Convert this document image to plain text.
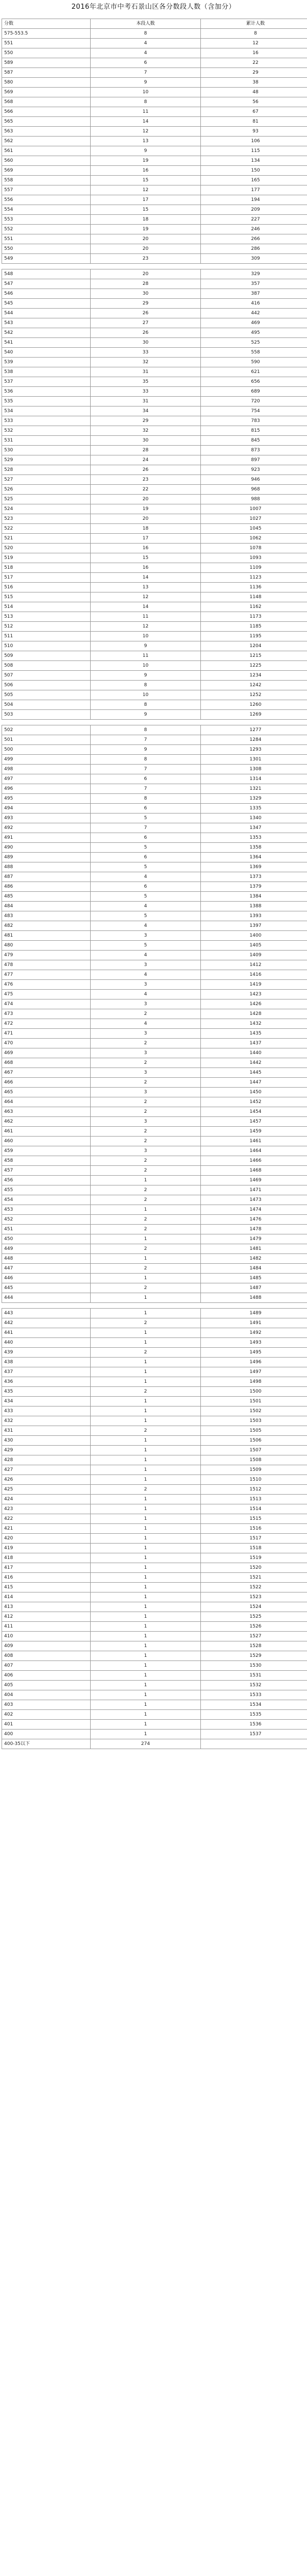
2016年北京市中考石景山区各分数段人数（含加分）
分数	本段人数	累计人数
575-553.5	8	8
551	4	12
550	4	16
589	6	22
587	7	29
580	9	38
569	10	48
568	8	56
566	11	67
565	14	81
563	12	93
562	13	106
561	9	115
560	19	134
569	16	150
558	15	165
557	12	177
556	17	194
554	15	209
553	18	227
552	19	246
551	20	266
550	20	286
549	23	309

548	20	329
547	28	357
546	30	387
545	29	416
544	26	442
543	27	469
542	26	495
541	30	525
540	33	558
539	32	590
538	31	621
537	35	656
536	33	689
535	31	720
534	34	754
533	29	783
532	32	815
531	30	845
530	28	873
529	24	897
528	26	923
527	23	946
526	22	968
525	20	988
524	19	1007
523	20	1027
522	18	1045
521	17	1062
520	16	1078
519	15	1093
518	16	1109
517	14	1123
516	13	1136
515	12	1148
514	14	1162
513	11	1173
512	12	1185
511	10	1195
510	9	1204
509	11	1215
508	10	1225
507	9	1234
506	8	1242
505	10	1252
504	8	1260
503	9	1269

502	8	1277
501	7	1284
500	9	1293
499	8	1301
498	7	1308
497	6	1314
496	7	1321
495	8	1329
494	6	1335
493	5	1340
492	7	1347
491	6	1353
490	5	1358
489	6	1364
488	5	1369
487	4	1373
486	6	1379
485	5	1384
484	4	1388
483	5	1393
482	4	1397
481	3	1400
480	5	1405
479	4	1409
478	3	1412
477	4	1416
476	3	1419
475	4	1423
474	3	1426
473	2	1428
472	4	1432
471	3	1435
470	2	1437
469	3	1440
468	2	1442
467	3	1445
466	2	1447
465	3	1450
464	2	1452
463	2	1454
462	3	1457
461	2	1459
460	2	1461
459	3	1464
458	2	1466
457	2	1468
456	1	1469
455	2	1471
454	2	1473
453	1	1474
452	2	1476
451	2	1478
450	1	1479
449	2	1481
448	1	1482
447	2	1484
446	1	1485
445	2	1487
444	1	1488

443	1	1489
442	2	1491
441	1	1492
440	1	1493
439	2	1495
438	1	1496
437	1	1497
436	1	1498
435	2	1500
434	1	1501
433	1	1502
432	1	1503
431	2	1505
430	1	1506
429	1	1507
428	1	1508
427	1	1509
426	1	1510
425	2	1512
424	1	1513
423	1	1514
422	1	1515
421	1	1516
420	1	1517
419	1	1518
418	1	1519
417	1	1520
416	1	1521
415	1	1522
414	1	1523
413	1	1524
412	1	1525
411	1	1526
410	1	1527
409	1	1528
408	1	1529
407	1	1530
406	1	1531
405	1	1532
404	1	1533
403	1	1534
402	1	1535
401	1	1536
400	1	1537
400-35以下	274	
